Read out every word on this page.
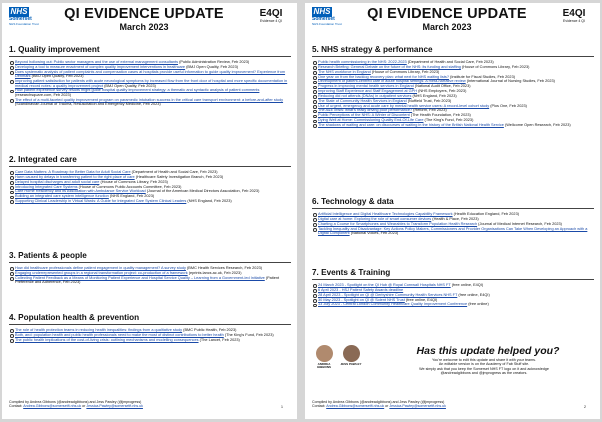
NHS
Somerset
NHS Foundation Trust
QI EVIDENCE UPDATE
March 2023
E4QI
Evidence 4 QI
1. Quality improvement
Beyond hollowing out: Public sector managers and the use of external management consultants (Public Administration Review, Feb 2023)
Developing a tool to measure enactment of complex quality improvement interventions in healthcare (BMJ Open Quality, Feb 2023)
Does systematic analysis of patient complaints and compensation cases at hospitals provide useful information to guide quality improvement? Experience from Denmark (BMJ Open Quality, Feb 2023)
Improving patient satisfaction for patients with acute neurological symptoms by increased flow from the front door of hospital and more specific documentation in medical record notes: a quality improvement project (BMJ Open Quality, Feb 2023)
How patient experience survey results might guide hospital quality improvement strategy: a thematic and syntactic analysis of patient comments (researchsquare.com, Feb 2023)
The effect of a multi-faceted quality improvement program on paramedic intubation success in the critical care transport environment: a before-and-after study (Scandinavian Journal of Trauma, Resuscitation and Emergency Medicine, Feb 2023)
2. Integrated care
Care Data Matters: A Roadmap for Better Data for Adult Social Care (Department of Health and Social Care, Feb 2023)
Harm caused by delays in transferring patient to the right place of care (Healthcare Safety Investigation Branch, Feb 2023)
Delayed hospital discharges and adult social care (House of Commons Library, Feb 2023)
Introducing Integrated Care Systems (House of Commons Public Accounts Committee, Feb 2023)
Care Home Residency and its Association with Ambulance Service Workload (Journal of the American Medical Directors Association, Feb 2023)
Building an integrated care system intelligence function (NHS England, Feb 2023)
Supporting Clinical Leadership in Virtual Wards: A Guide for Integrated Care System Clinical Leaders (NHS England, Feb 2023)
3. Patients & people
How did healthcare professionals define patient engagement in quality management? A survey study (BMC Health Services Research, Feb 2023)
Engaging underrepresented groups in a regional transformation project: co-production of a framework (eprints.lancs.ac.uk, Feb 2023)
Collecting Patient Feedback as a Means of Monitoring Patient Experience and Hospital Service Quality – Learning from a Government-led Initiative (Patient Preference and Adherence, Feb 2023)
4. Population health & prevention
The role of health protection teams in reducing health inequalities: findings from a qualitative study (BMC Public Health, Feb 2023)
Both, and: population health and public health professionals need to make the most of distinct contributions to better health (The King's Fund, Feb 2023)
The public health implications of the cost-of-living crisis: outlining mechanisms and modelling consequences (The Lancet, Feb 2023)
Compiled by Andrea Gibbons (@andreadgibbons) and Jess Pawley (@jmprogress)
Contact: Andrea.Gibbons@somersetft.nhs.uk or Jessica.Pawley@somersetft.nhs.uk	1
NHS
Somerset
NHS Foundation Trust
QI EVIDENCE UPDATE
March 2023
E4QI
Evidence 4 QI
5. NHS strategy & performance
Public health commissioning in the NHS: 2022-2023 (Department of Health and Social Care, Feb 2023)
Research Briefing: General Debate on the future of the NHS: its funding and staffing (House of Commons Library, Feb 2023)
The NHS workforce in England (House of Commons Library, Feb 2023)
One year on from the backlog recovery plan: what next for NHS waiting lists? (Institute for Fiscal Studies, Feb 2023)
Development of patient-centred care in acute hospital settings: A meta-narrative review (International Journal of Nursing Studies, Feb 2023)
Progress in improving mental health services in England (National Audit Office, Feb 2023)
Improving Staff Experience and Staff Engagement at GPH (NHS Employers, Feb 2023)
Reducing did not attends (DNAs) in outpatient services (NHS England, Feb 2023)
The State of Community Health Services in England (Nuffield Trust, Feb 2023)
Use of urgent, emergency and acute care by mental health service users: A record-level cohort study (Plos One, Feb 2023)
The A&E crisis: what's really driving poor performance? (Reform, Feb 2023)
Public Perceptions of the NHS: A Winter of Discontent (The Health Foundation, Feb 2023)
Dying Well at Home: Commissioning Quality End-Of-Life Care (The King's Fund, Feb 2023)
The shadows of waiting and care: on discourses of waiting in the history of the British National Health Service (Wellcome Open Research, Feb 2023)
6. Technology & data
Artificial Intelligence and Digital Healthcare Technologies Capability Framework (Health Education England, Feb 2023)
Digital care at home: Exploring the role of smart consumer devices (Health & Place, Feb 2023)
Charting a Course for Smartphones and Wearables to Transform Population Health Research (Journal of Medical Internet Research, Feb 2023)
Tackling Inequality and Disadvantage: Key Actions Policy Makers, Commissioners and Provider Organisations Can Take When Developing an Approach with a Digital Component (National Voices, Feb 2023)
7. Events & Training
24 March 2023 - Spotlight on the QI Hub @ Royal Cornwall Hospitals NHS FT (free online, E4QI)
6 April 2023 - HSJ Patient Safety Awards deadline
28 April 2023 - Spotlight on QI @ Derbyshire Community Health Services NHS FT (free online, E4QI)
30 May 2023 - Spotlight on QI @ Solent NHS Trust (free online, E4QI)
13 July 2023 - Central London Community Healthcare Quality Improvement Conference (free online)
ANDREA GIBBONS
JESS PAWLEY
Has this update helped you?
You're welcome to edit this update and share it with your teams.
An editable version is on the Academy of Fab Stuff site.
We simply ask that you keep the Somerset NHS FT logo on it and acknowledge
@andreadgibbons and @jmprogress as the creators.
Compiled by Andrea Gibbons (@andreadgibbons) and Jess Pawley (@jmprogress)
Contact: Andrea.Gibbons@somersetft.nhs.uk or Jessica.Pawley@somersetft.nhs.uk	2
